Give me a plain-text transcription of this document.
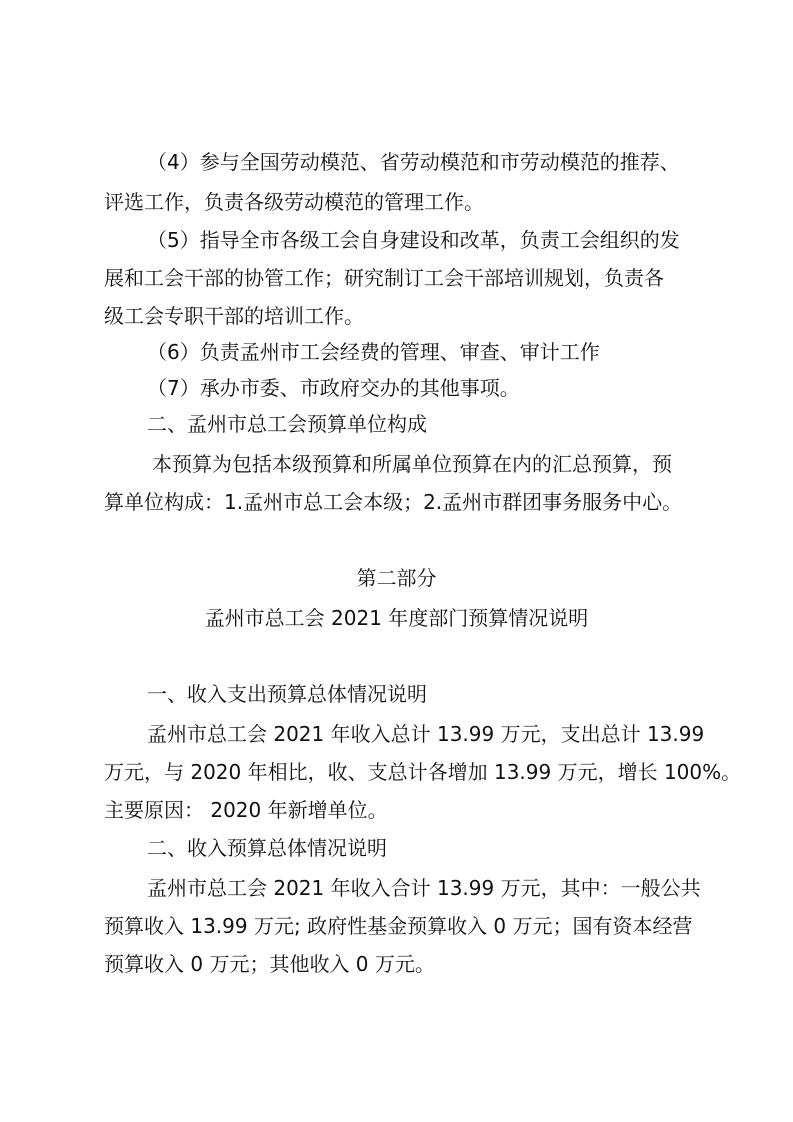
（4）参与全国劳动模范、省劳动模范和市劳动模范的推荐、
评选工作，负责各级劳动模范的管理工作。
（5）指导全市各级工会自身建设和改革，负责工会组织的发
展和工会干部的协管工作；研究制订工会干部培训规划，负责各
级工会专职干部的培训工作。
（6）负责孟州市工会经费的管理、审查、审计工作
（7）承办市委、市政府交办的其他事项。
二、孟州市总工会预算单位构成
本预算为包括本级预算和所属单位预算在内的汇总预算，预
算单位构成：1.孟州市总工会本级；2.孟州市群团事务服务中心。
第二部分
孟州市总工会 2021 年度部门预算情况说明
一、收入支出预算总体情况说明
孟州市总工会 2021 年收入总计 13.99 万元，支出总计 13.99
万元，与 2020 年相比，收、支总计各增加 13.99 万元，增长 100%。
主要原因： 2020 年新增单位。
二、收入预算总体情况说明
孟州市总工会 2021 年收入合计 13.99 万元，其中：一般公共
预算收入 13.99 万元; 政府性基金预算收入 0 万元；国有资本经营
预算收入 0 万元；其他收入 0 万元。
